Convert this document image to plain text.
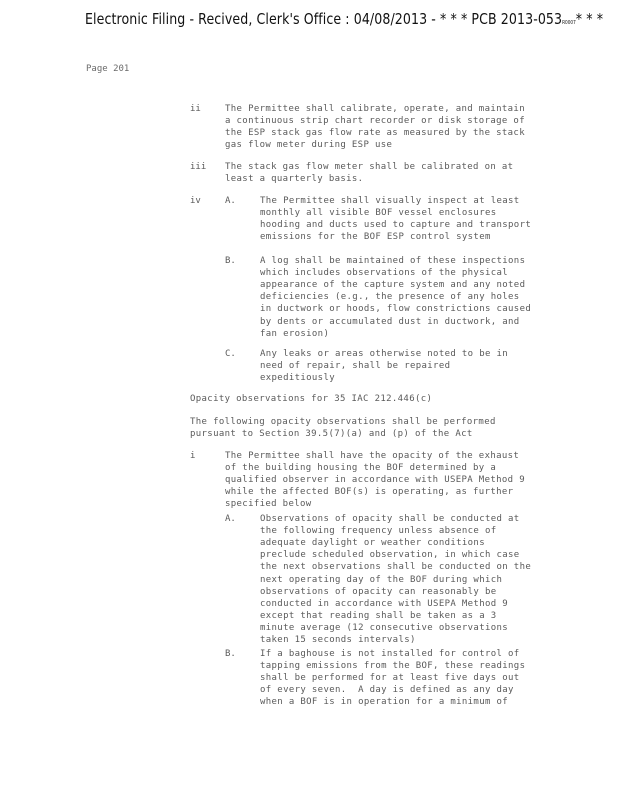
Electronic Filing - Recived, Clerk's Office : 04/08/2013 - * * * PCB 2013-053R0007* * *
Page 201
ii	The Permittee shall calibrate, operate, and maintain
a continuous strip chart recorder or disk storage of
the ESP stack gas flow rate as measured by the stack
gas flow meter during ESP use
iii The stack gas flow meter shall be calibrated on at
least a quarterly basis.
iv	A.	The Permittee shall visually inspect at least
monthly all visible BOF vessel enclosures
hooding and ducts used to capture and transport
emissions for the BOF ESP control system
B.	A log shall be maintained of these inspections
which includes observations of the physical
appearance of the capture system and any noted
deficiencies (e.g., the presence of any holes
in ductwork or hoods, flow constrictions caused
by dents or accumulated dust in ductwork, and
fan erosion)
C.	Any leaks or areas otherwise noted to be in
need of repair, shall be repaired
expeditiously
Opacity observations for 35 IAC 212.446(c)
The following opacity observations shall be performed
pursuant to Section 39.5(7)(a) and (p) of the Act
i	The Permittee shall have the opacity of the exhaust
of the building housing the BOF determined by a
qualified observer in accordance with USEPA Method 9
while the affected BOF(s) is operating, as further
specified below
A.	Observations of opacity shall be conducted at
the following frequency unless absence of
adequate daylight or weather conditions
preclude scheduled observation, in which case
the next observations shall be conducted on the
next operating day of the BOF during which
observations of opacity can reasonably be
conducted in accordance with USEPA Method 9
except that reading shall be taken as a 3
minute average (12 consecutive observations
taken 15 seconds intervals)
B.	If a baghouse is not installed for control of
tapping emissions from the BOF, these readings
shall be performed for at least five days out
of every seven.  A day is defined as any day
when a BOF is in operation for a minimum of
